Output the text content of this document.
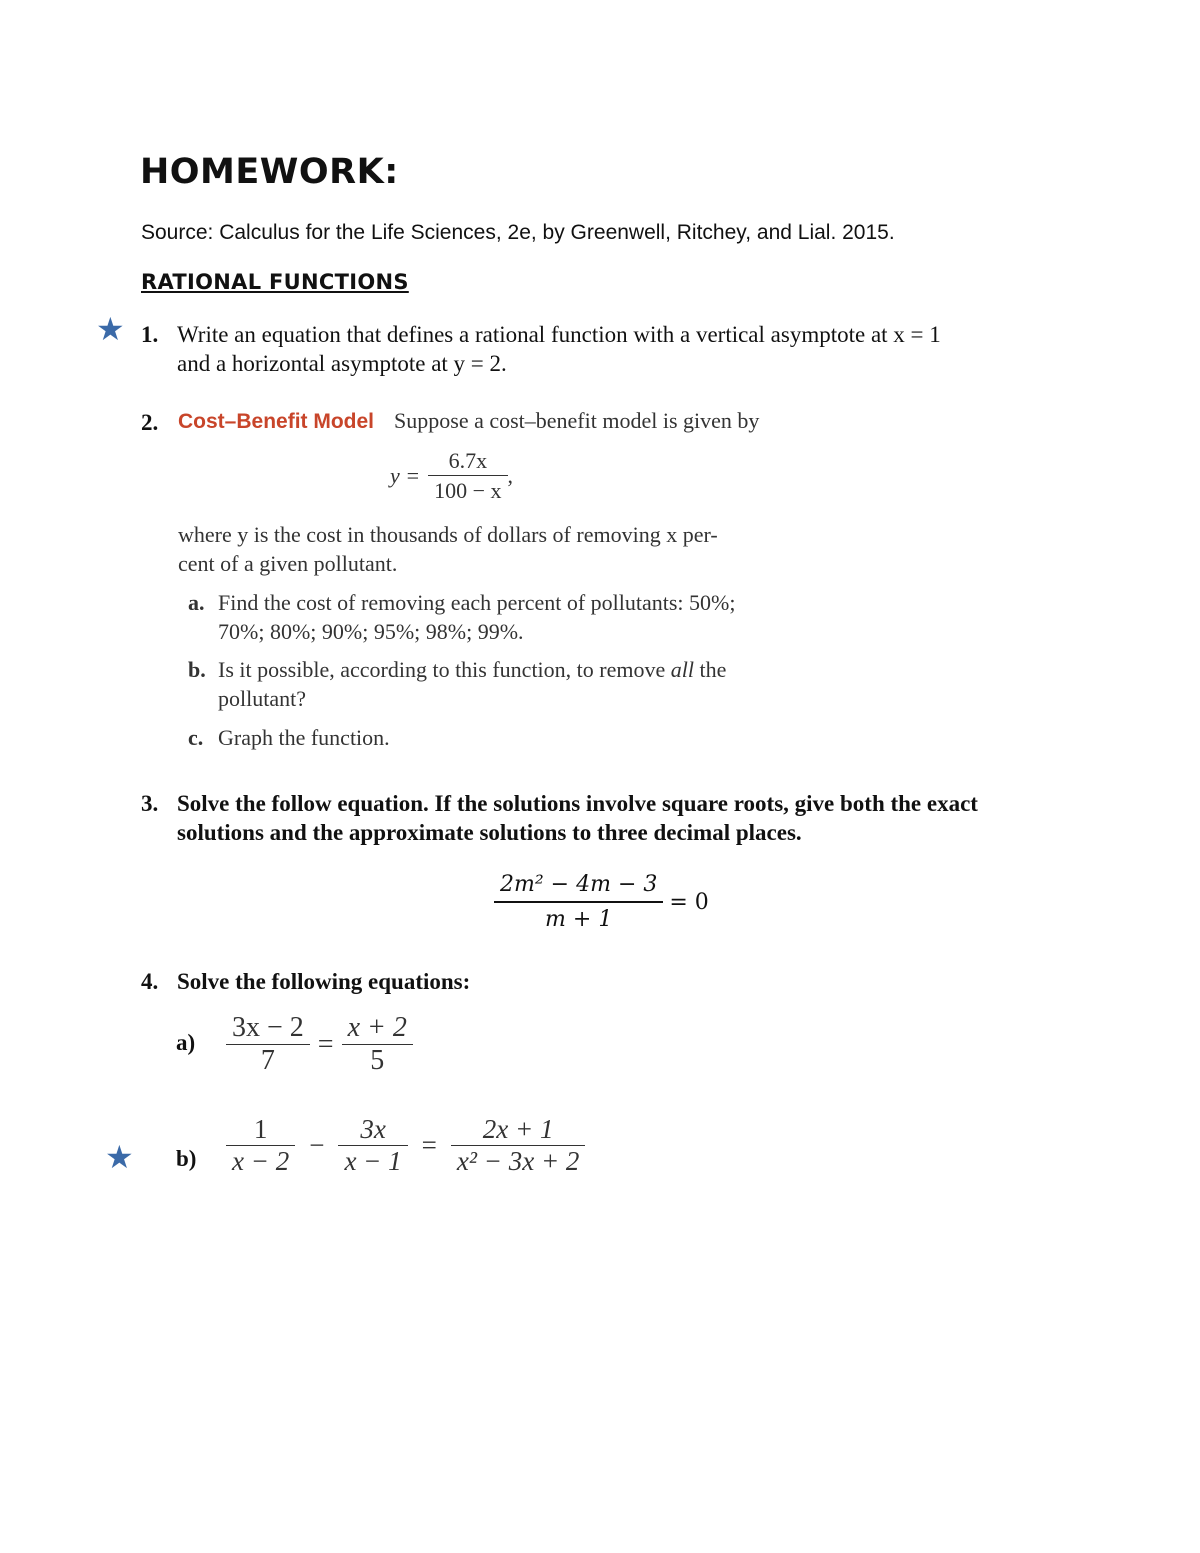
HOMEWORK:
Source: Calculus for the Life Sciences, 2e, by Greenwell, Ritchey, and Lial. 2015.
RATIONAL FUNCTIONS
★ 1. Write an equation that defines a rational function with a vertical asymptote at x = 1
and a horizontal asymptote at y = 2.
2. Cost–Benefit Model Suppose a cost–benefit model is given by
$y = \frac{6.7x}{100 - x}$ ,
where y is the cost in thousands of dollars of removing x per-
cent of a given pollutant.
a. Find the cost of removing each percent of pollutants: 50%;
70%; 80%; 90%; 95%; 98%; 99%.
b. Is it possible, according to this function, to remove all the
pollutant?
c. Graph the function.
3. Solve the follow equation. If the solutions involve square roots, give both the exact
solutions and the approximate solutions to three decimal places.
$\frac{\text{2m² − 4m − 3}}{m + 1} = 0$
4. Solve the following equations:
$a) \frac{3x - 2}{7} = \frac{x + 2}{5}$
★ $b) \frac{1}{x - 2} - \frac{3x}{x - 1} = \frac{2x + 1}{\text{x² − 3x + 2}}$
